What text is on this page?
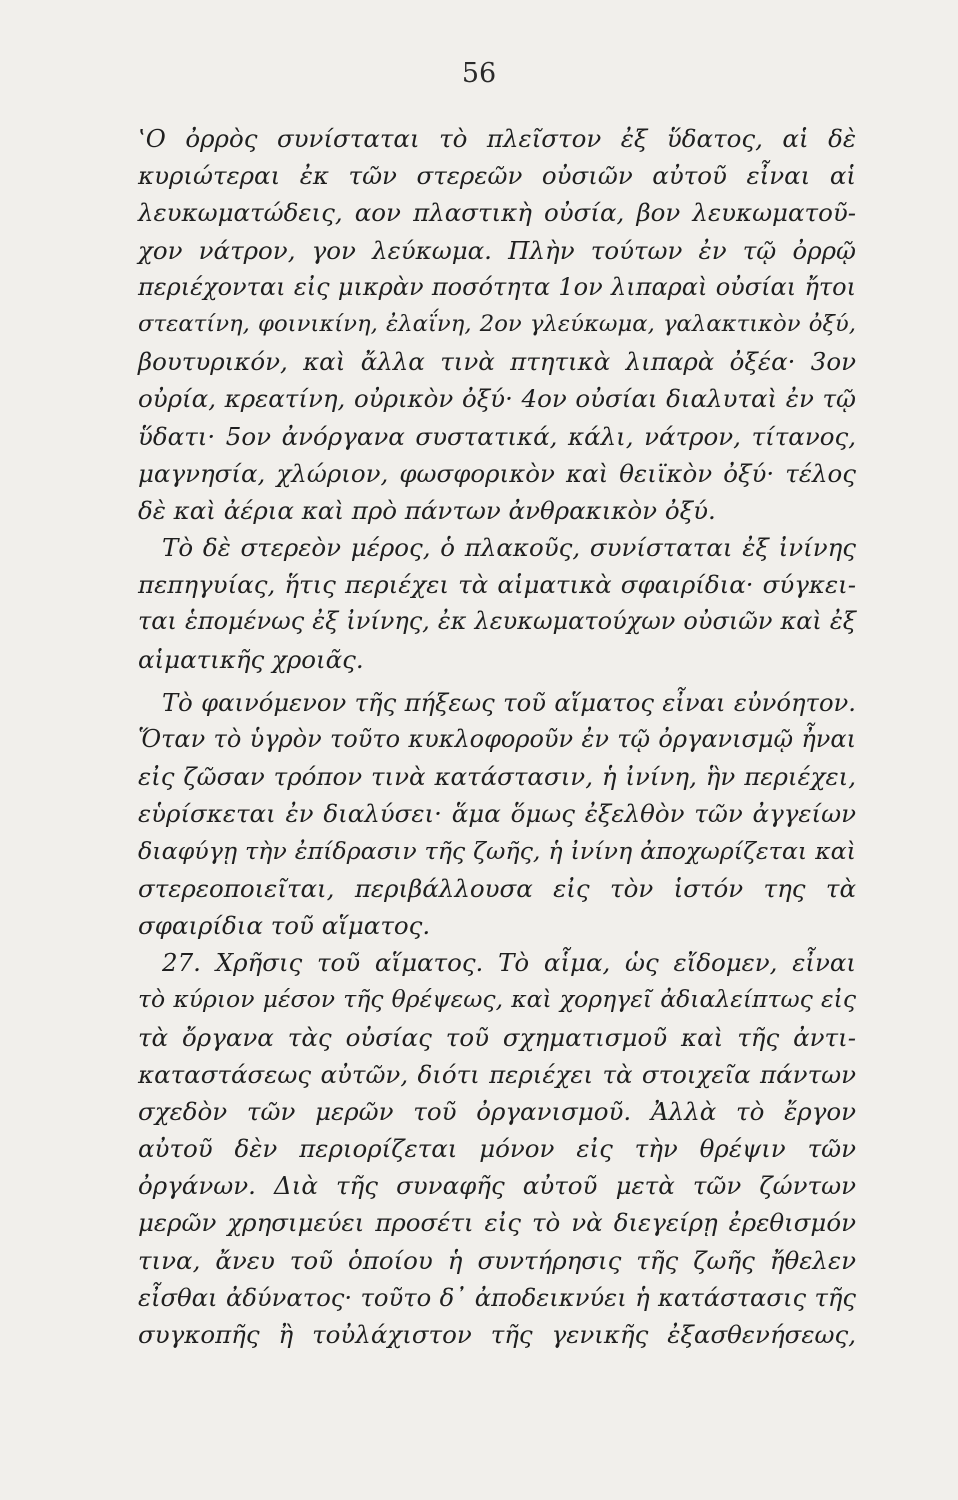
56
‛Ο ὀρρὸς συνίσταται τὸ πλεῖστον ἐξ ὕδατος, αἱ δὲ
κυριώτεραι ἐκ τῶν στερεῶν οὐσιῶν αὐτοῦ εἶναι αἱ
λευκωματώδεις, αον πλαστικὴ οὐσία, βον λευκωματοῦ-
χον νάτρον, γον λεύκωμα. Πλὴν τούτων ἐν τῷ ὀρρῷ
περιέχονται εἰς μικρὰν ποσότητα 1ον λιπαραὶ οὐσίαι ἤτοι
στεατίνη, φοινικίνη, ἐλαΐνη, 2ον γλεύκωμα, γαλακτικὸν ὀξύ,
βουτυρικόν, καὶ ἄλλα τινὰ πτητικὰ λιπαρὰ ὀξέα· 3ον
οὐρία, κρεατίνη, οὐρικὸν ὀξύ· 4ον οὐσίαι διαλυταὶ ἐν τῷ
ὕδατι· 5ον ἀνόργανα συστατικά, κάλι, νάτρον, τίτανος,
μαγνησία, χλώριον, φωσφορικὸν καὶ θειϊκὸν ὀξύ· τέλος
δὲ καὶ ἀέρια καὶ πρὸ πάντων ἀνθρακικὸν ὀξύ.
Τὸ δὲ στερεὸν μέρος, ὁ πλακοῦς, συνίσταται ἐξ ἰνίνης
πεπηγυίας, ἥτις περιέχει τὰ αἱματικὰ σφαιρίδια· σύγκει-
ται ἑπομένως ἐξ ἰνίνης, ἐκ λευκωματούχων οὐσιῶν καὶ ἐξ
αἱματικῆς χροιᾶς.
Τὸ φαινόμενον τῆς πήξεως τοῦ αἵματος εἶναι εὐνόητον.
Ὅταν τὸ ὑγρὸν τοῦτο κυκλοφοροῦν ἐν τῷ ὀργανισμῷ ἦναι
εἰς ζῶσαν τρόπον τινὰ κατάστασιν, ἡ ἰνίνη, ἣν περιέχει,
εὑρίσκεται ἐν διαλύσει· ἅμα ὅμως ἐξελθὸν τῶν ἀγγείων
διαφύγῃ τὴν ἐπίδρασιν τῆς ζωῆς, ἡ ἰνίνη ἀποχωρίζεται καὶ
στερεοποιεῖται, περιβάλλουσα εἰς τὸν ἱστόν της τὰ
σφαιρίδια τοῦ αἵματος.
27. Χρῆσις τοῦ αἵματος. Τὸ αἷμα, ὡς εἴδομεν, εἶναι
τὸ κύριον μέσον τῆς θρέψεως, καὶ χορηγεῖ ἀδιαλείπτως εἰς
τὰ ὄργανα τὰς οὐσίας τοῦ σχηματισμοῦ καὶ τῆς ἀντι-
καταστάσεως αὐτῶν, διότι περιέχει τὰ στοιχεῖα πάντων
σχεδὸν τῶν μερῶν τοῦ ὀργανισμοῦ. Ἀλλὰ τὸ ἔργον
αὐτοῦ δὲν περιορίζεται μόνον εἰς τὴν θρέψιν τῶν
ὀργάνων. Διὰ τῆς συναφῆς αὐτοῦ μετὰ τῶν ζώντων
μερῶν χρησιμεύει προσέτι εἰς τὸ νὰ διεγείρῃ ἐρεθισμόν
τινα, ἄνευ τοῦ ὁποίου ἡ συντήρησις τῆς ζωῆς ἤθελεν
εἶσθαι ἀδύνατος· τοῦτο δ᾽ ἀποδεικνύει ἡ κατάστασις τῆς
συγκοπῆς ἢ τοὐλάχιστον τῆς γενικῆς ἐξασθενήσεως,
